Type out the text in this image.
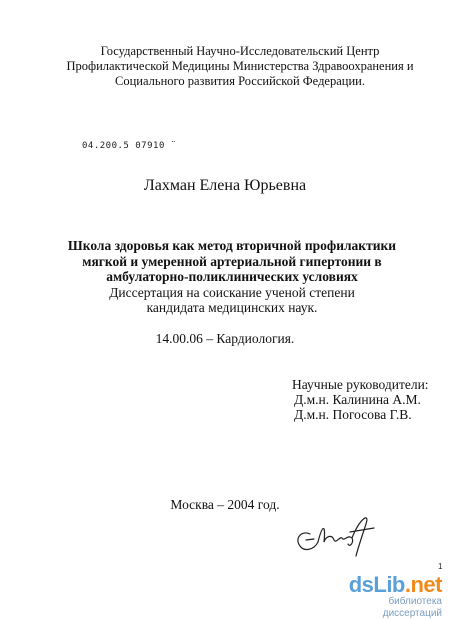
Государственный Научно-Исследовательский Центр
Профилактической Медицины Министерства Здравоохранения и
Социального развития Российской Федерации.
04.200.5 07910 ¨
Лахман Елена Юрьевна
Школа здоровья как метод вторичной профилактики
мягкой и умеренной артериальной гипертонии в
амбулаторно-поликлинических условиях
Диссертация на соискание ученой степени
кандидата медицинских наук.
14.00.06 – Кардиология.
Научные руководители:
Д.м.н. Калинина А.М.
Д.м.н. Погосова Г.В.
Москва – 2004 год.
1
dsLib.net
библиотека диссертаций
